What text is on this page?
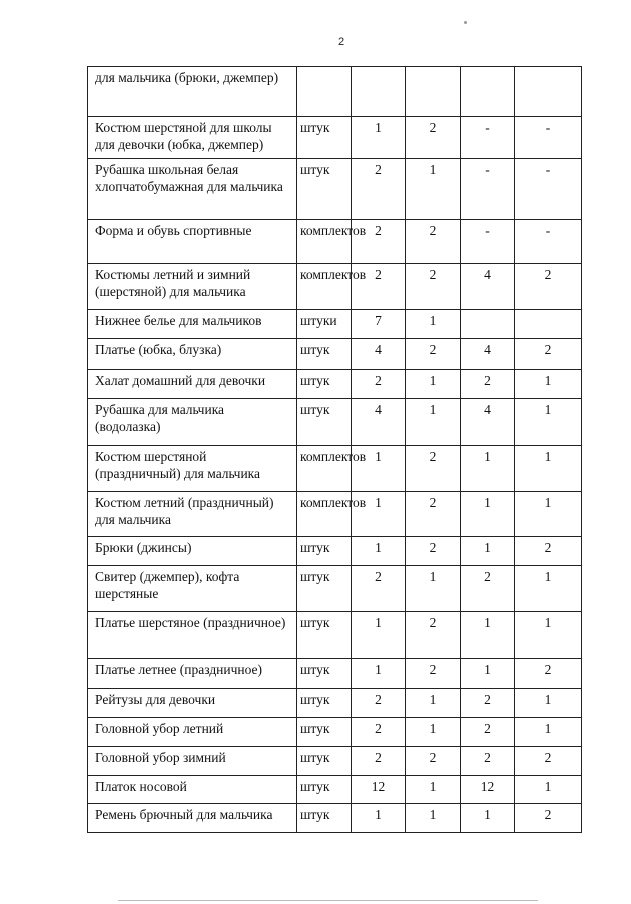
2
для мальчика (брюки, джемпер)					
Костюм шерстяной для школы для девочки (юбка, джемпер)	штук	1	2	-	-
Рубашка школьная белая хлопчатобумажная для мальчика	штук	2	1	-	-
Форма и обувь спортивные	комплектов	2	2	-	-
Костюмы летний и зимний (шерстяной) для мальчика	комплектов	2	2	4	2
Нижнее белье для мальчиков	штуки	7	1		
Платье (юбка, блузка)	штук	4	2	4	2
Халат домашний для девочки	штук	2	1	2	1
Рубашка для мальчика (водолазка)	штук	4	1	4	1
Костюм шерстяной (праздничный) для мальчика	комплектов	1	2	1	1
Костюм летний (праздничный) для мальчика	комплектов	1	2	1	1
Брюки (джинсы)	штук	1	2	1	2
Свитер (джемпер), кофта шерстяные	штук	2	1	2	1
Платье шерстяное (праздничное)	штук	1	2	1	1
Платье летнее (праздничное)	штук	1	2	1	2
Рейтузы для девочки	штук	2	1	2	1
Головной убор летний	штук	2	1	2	1
Головной убор зимний	штук	2	2	2	2
Платок носовой	штук	12	1	12	1
Ремень брючный для мальчика	штук	1	1	1	2
